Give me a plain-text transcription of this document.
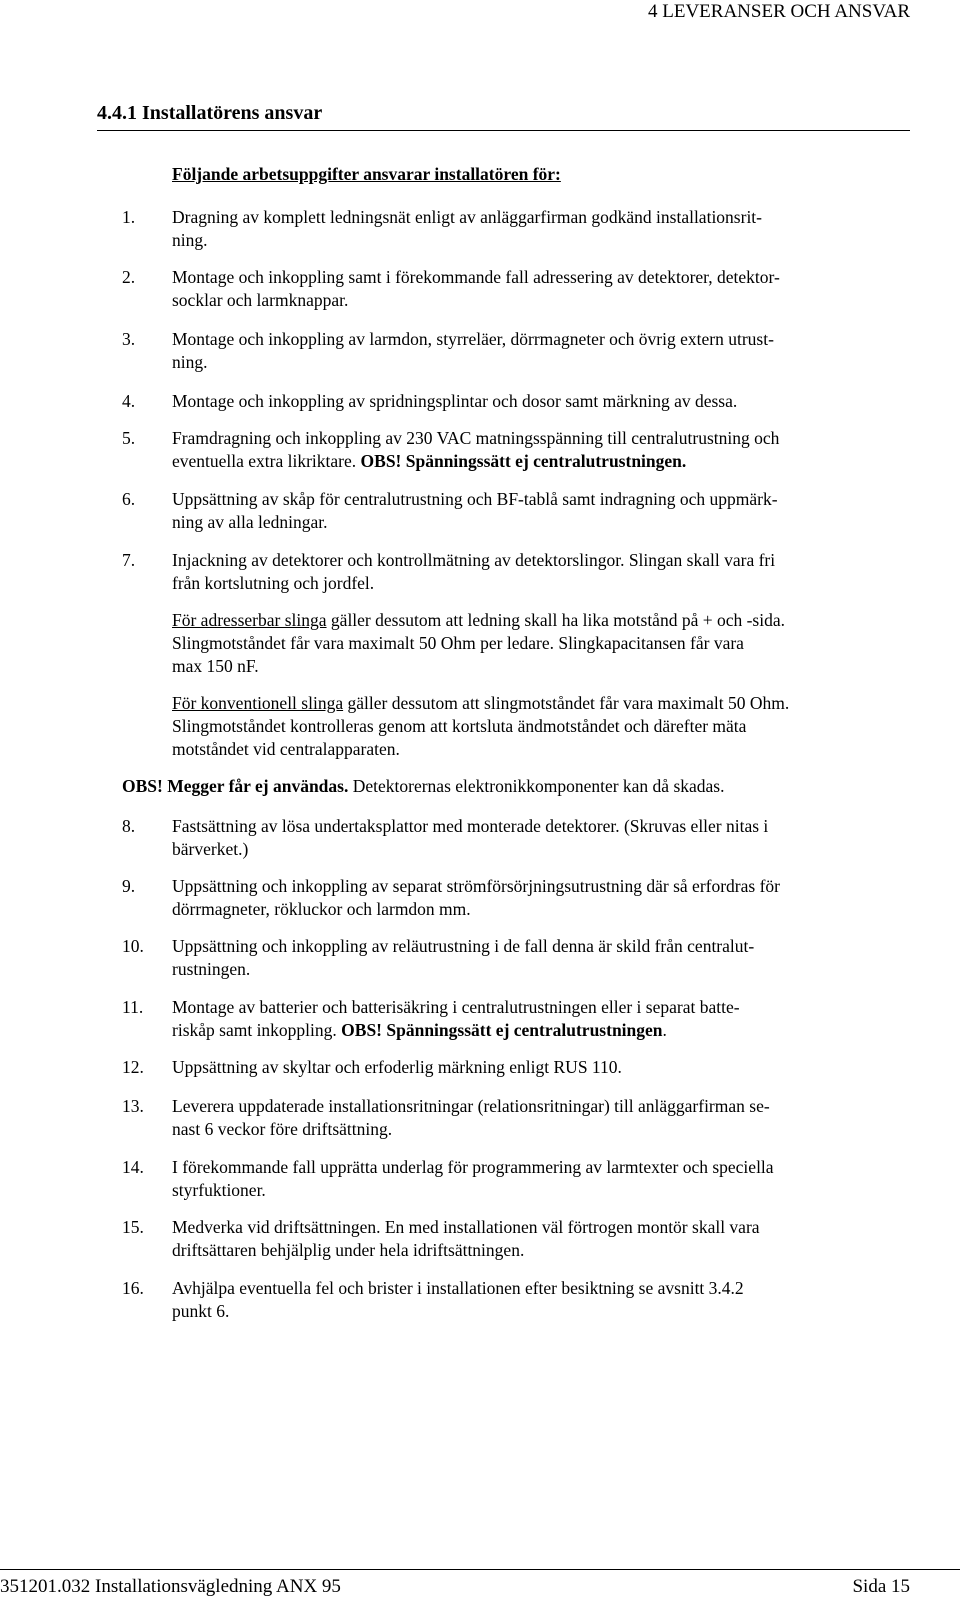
4 LEVERANSER OCH ANSVAR
4.4.1 Installatörens ansvar
Följande arbetsuppgifter ansvarar installatören för:
1. Dragning av komplett ledningsnät enligt av anläggarfirman godkänd installationsrit-
ning.
2. Montage och inkoppling samt i förekommande fall adressering av detektorer, detektor-
socklar och larmknappar.
3. Montage och inkoppling av larmdon, styrreläer, dörrmagneter och övrig extern utrust-
ning.
4. Montage och inkoppling av spridningsplintar och dosor samt märkning av dessa.
5. Framdragning och inkoppling av 230 VAC matningsspänning till centralutrustning och
eventuella extra likriktare. OBS! Spänningssätt ej centralutrustningen.
6. Uppsättning av skåp för centralutrustning och BF-tablå samt indragning och uppmärk-
ning av alla ledningar.
7. Injackning av detektorer och kontrollmätning av detektorslingor. Slingan skall vara fri
från kortslutning och jordfel.
För adresserbar slinga gäller dessutom att ledning skall ha lika motstånd på + och -sida.
Slingmotståndet får vara maximalt 50 Ohm per ledare. Slingkapacitansen får vara
max 150 nF.
För konventionell slinga gäller dessutom att slingmotståndet får vara maximalt 50 Ohm.
Slingmotståndet kontrolleras genom att kortsluta ändmotståndet och därefter mäta
motståndet vid centralapparaten.
OBS! Megger får ej användas. Detektorernas elektronikkomponenter kan då skadas.
8. Fastsättning av lösa undertaksplattor med monterade detektorer. (Skruvas eller nitas i
bärverket.)
9. Uppsättning och inkoppling av separat strömförsörjningsutrustning där så erfordras för
dörrmagneter, rökluckor och larmdon mm.
10. Uppsättning och inkoppling av reläutrustning i de fall denna är skild från centralut-
rustningen.
11. Montage av batterier och batterisäkring i centralutrustningen eller i separat batte-
riskåp samt inkoppling. OBS! Spänningssätt ej centralutrustningen.
12. Uppsättning av skyltar och erfoderlig märkning enligt RUS 110.
13. Leverera uppdaterade installationsritningar (relationsritningar) till anläggarfirman se-
nast 6 veckor före driftsättning.
14. I förekommande fall upprätta underlag för programmering av larmtexter och speciella
styrfuktioner.
15. Medverka vid driftsättningen. En med installationen väl förtrogen montör skall vara
driftsättaren behjälplig under hela idriftsättningen.
16. Avhjälpa eventuella fel och brister i installationen efter besiktning se avsnitt 3.4.2
punkt 6.
351201.032 Installationsvägledning ANX 95	Sida 15
